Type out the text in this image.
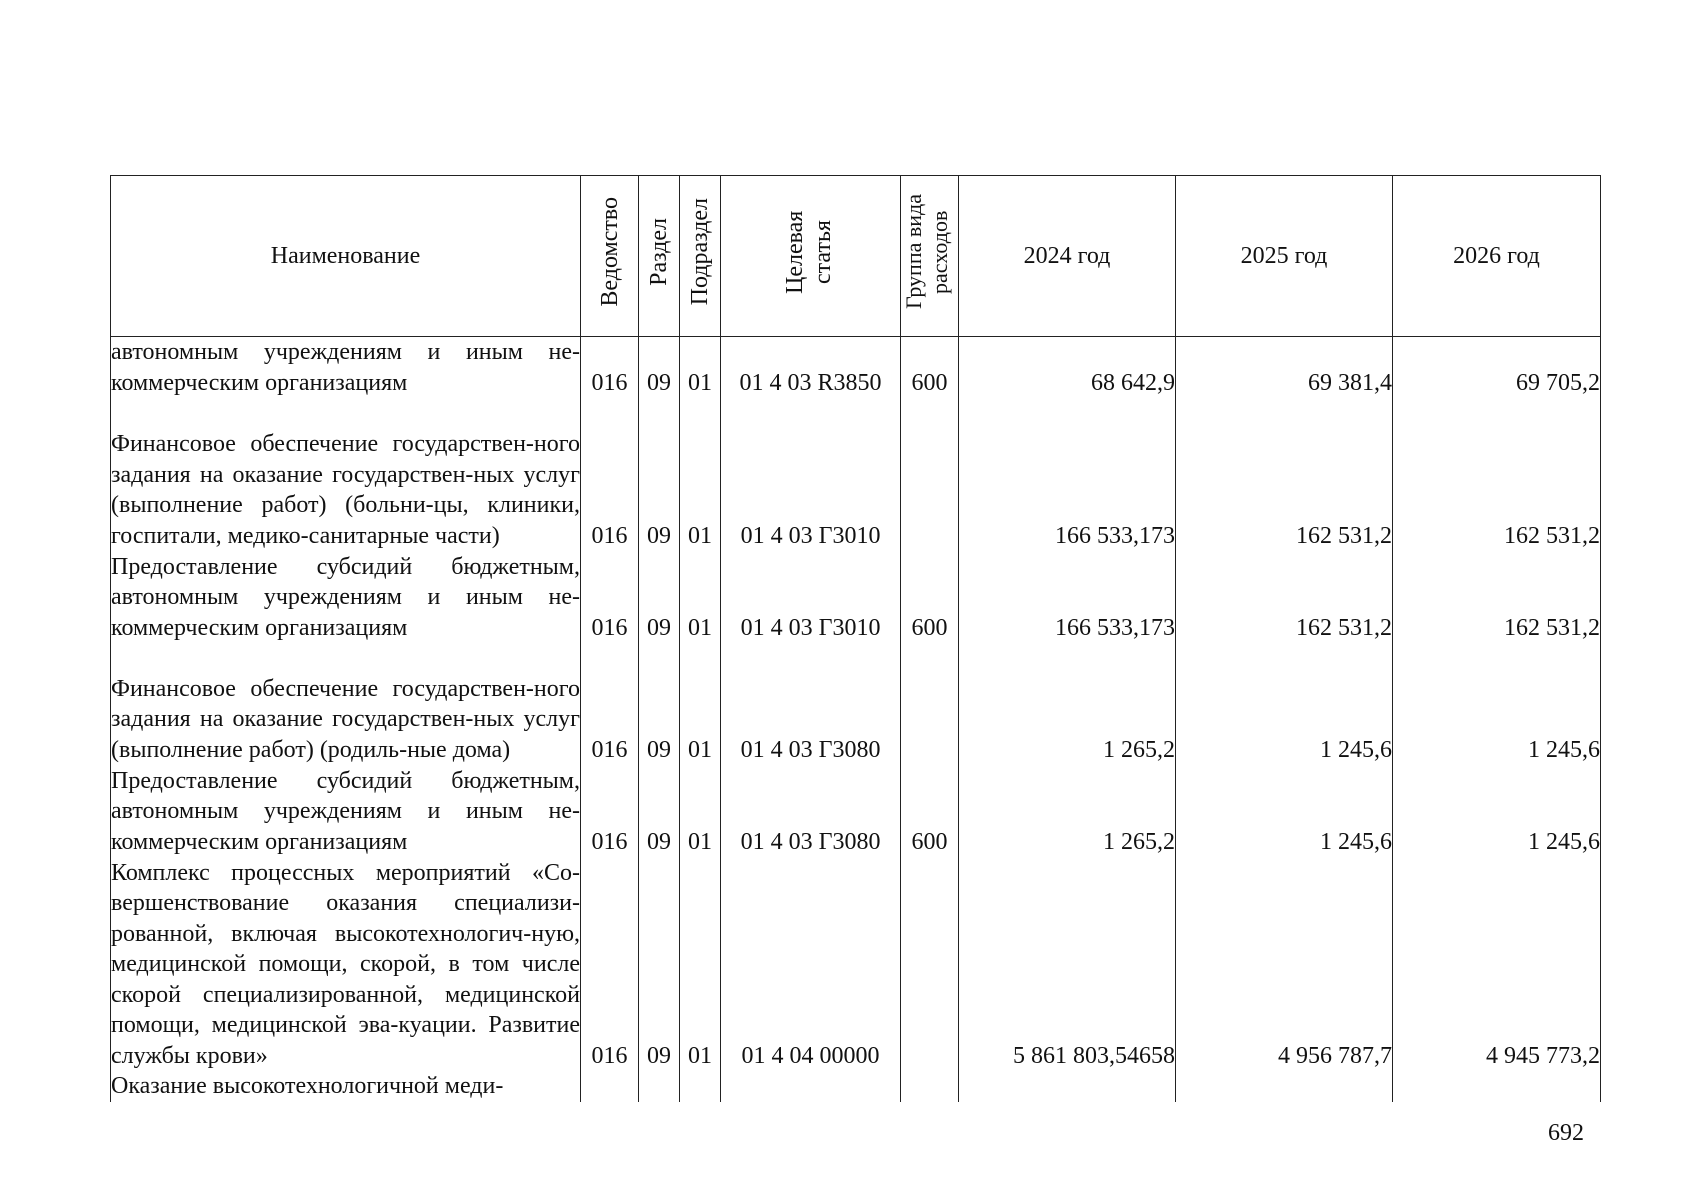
Наименование	Ведомство	Раздел	Подраздел	Целевая статья	Группа вида расходов	2024 год	2025 год	2026 год
автономным учреждениям и иным не-коммерческим организациям	016	09	01	01 4 03 R3850	600	68 642,9	69 381,4	69 705,2
Финансовое обеспечение государствен-ного задания на оказание государствен-ных услуг (выполнение работ) (больни-цы, клиники, госпитали, медико-санитарные части)	016	09	01	01 4 03 Г3010		166 533,173	162 531,2	162 531,2
Предоставление субсидий бюджетным, автономным учреждениям и иным не-коммерческим организациям	016	09	01	01 4 03 Г3010	600	166 533,173	162 531,2	162 531,2
Финансовое обеспечение государствен-ного задания на оказание государствен-ных услуг (выполнение работ) (родиль-ные дома)	016	09	01	01 4 03 Г3080		1 265,2	1 245,6	1 245,6
Предоставление субсидий бюджетным, автономным учреждениям и иным не-коммерческим организациям	016	09	01	01 4 03 Г3080	600	1 265,2	1 245,6	1 245,6
Комплекс процессных мероприятий «Со-вершенствование оказания специализи-рованной, включая высокотехнологич-ную, медицинской помощи, скорой, в том числе скорой специализированной, медицинской помощи, медицинской эва-куации. Развитие службы крови»	016	09	01	01 4 04 00000		5 861 803,54658	4 956 787,7	4 945 773,2
Оказание высокотехнологичной меди-								
692
